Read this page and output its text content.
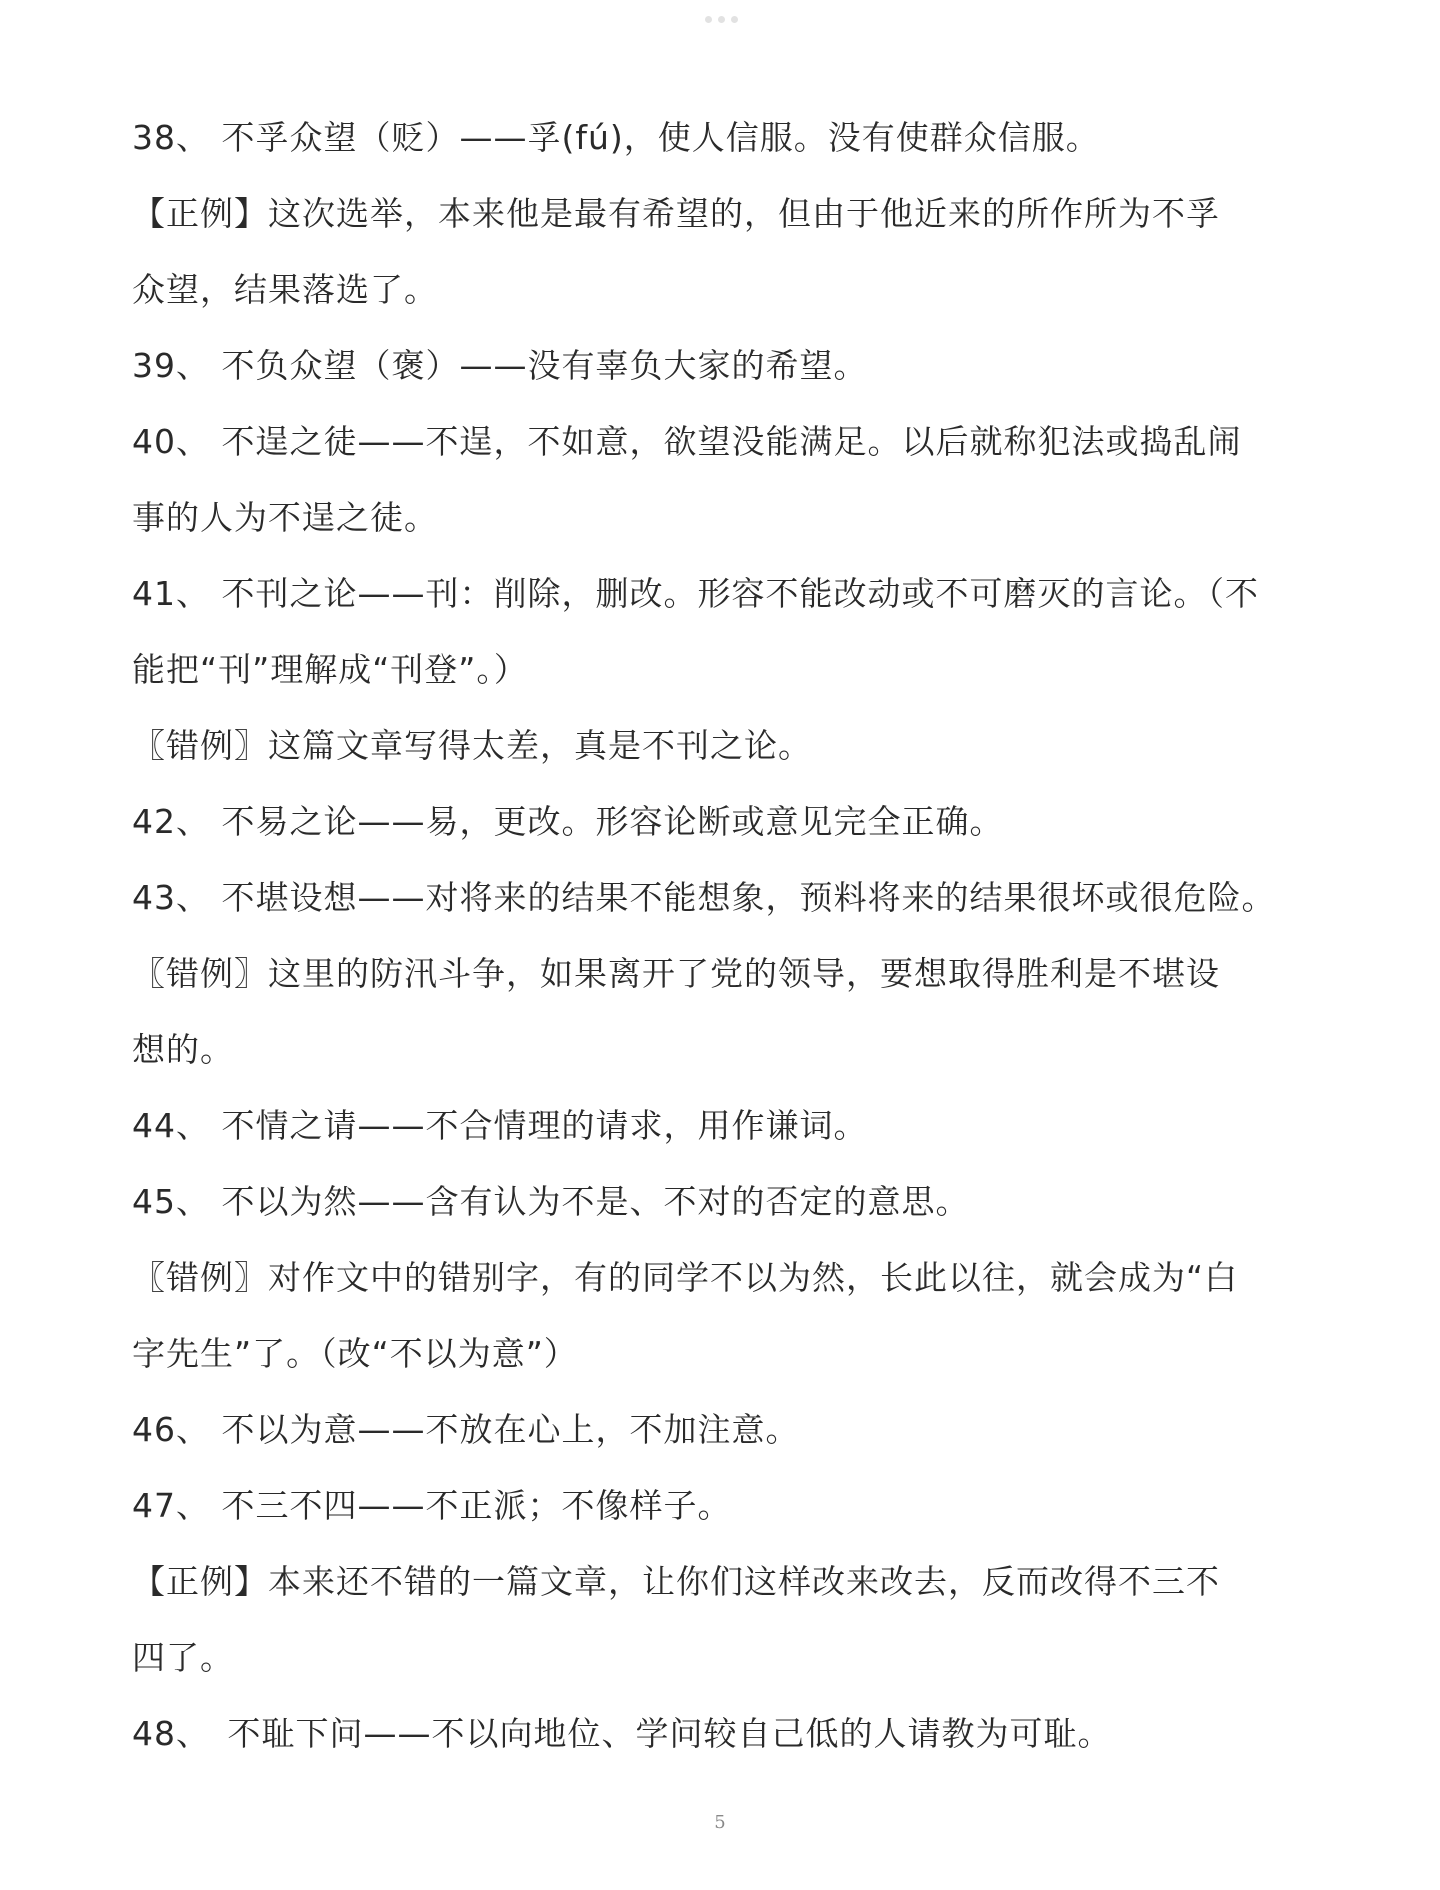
38、 不孚众望（贬）——孚(fú)，使人信服。没有使群众信服。
【正例】这次选举，本来他是最有希望的，但由于他近来的所作所为不孚
众望，结果落选了。
39、 不负众望（褒）——没有辜负大家的希望。
40、 不逞之徒——不逞，不如意，欲望没能满足。以后就称犯法或捣乱闹
事的人为不逞之徒。
41、 不刊之论——刊：削除，删改。形容不能改动或不可磨灭的言论。（不
能把“刊”理解成“刊登”。）
〖错例〗这篇文章写得太差，真是不刊之论。
42、 不易之论——易，更改。形容论断或意见完全正确。
43、 不堪设想——对将来的结果不能想象，预料将来的结果很坏或很危险。
〖错例〗这里的防汛斗争，如果离开了党的领导，要想取得胜利是不堪设
想的。
44、 不情之请——不合情理的请求，用作谦词。
45、 不以为然——含有认为不是、不对的否定的意思。
〖错例〗对作文中的错别字，有的同学不以为然，长此以往，就会成为“白
字先生”了。（改“不以为意”）
46、 不以为意——不放在心上，不加注意。
47、 不三不四——不正派；不像样子。
【正例】本来还不错的一篇文章，让你们这样改来改去，反而改得不三不
四了。
48、　不耻下问——不以向地位、学问较自己低的人请教为可耻。
5
